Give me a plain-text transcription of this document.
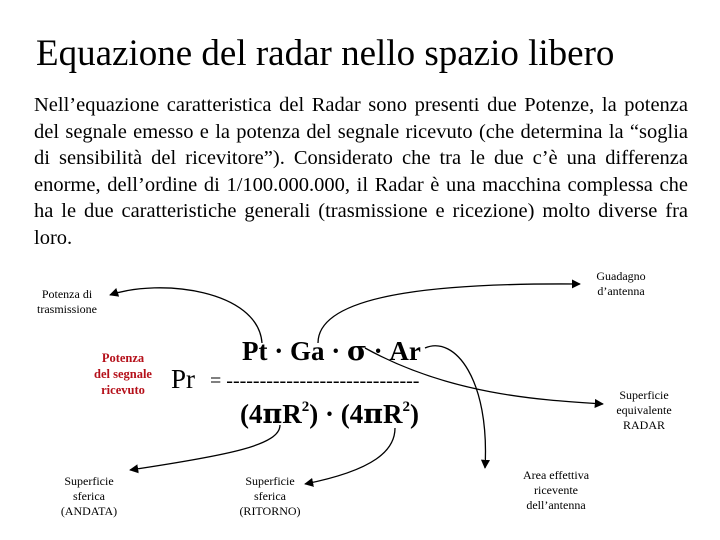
Equazione del radar nello spazio libero
Nell’equazione caratteristica del Radar sono presenti due Potenze, la potenza del segnale emesso e la potenza del segnale ricevuto (che determina la “soglia di sensibilità del ricevitore”). Considerato che tra le due c’è una differenza enorme, dell’ordine di 1/100.000.000, il Radar è una macchina complessa che ha le due caratteristiche generali (trasmissione e ricezione) molto diverse fra loro.
Potenza di
trasmissione
Guadagno
d’antenna
Potenza
del segnale
ricevuto	Superficie
equivalente
RADAR
Superficie
sferica
(ANDATA)
Superficie
sferica
(RITORNO)
Area effettiva
ricevente
dell’antenna
Pt · Ga · σ · Ar
Pr = -----------------------------
$(4\pi R^2) \cdot (4\pi R^2)$
